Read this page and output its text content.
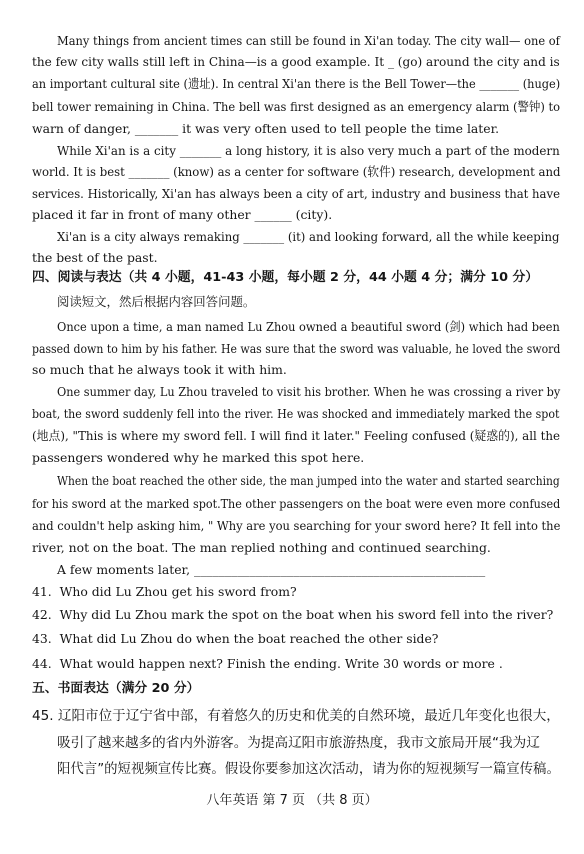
Many things from ancient times can still be found in Xi'an today. The city wall— one of
the few city walls still left in China—is a good example. It _ (go) around the city and is
an important cultural site (遗址). In central Xi'an there is the Bell Tower—the _______ (huge)
bell tower remaining in China. The bell was first designed as an emergency alarm (警钟) to
warn of danger, _______ it was very often used to tell people the time later.
While Xi'an is a city _______ a long history, it is also very much a part of the modern
world. It is best _______ (know) as a center for software (软件) research, development and
services. Historically, Xi'an has always been a city of art, industry and business that have
placed it far in front of many other ______ (city).
Xi'an is a city always remaking _______ (it) and looking forward, all the while keeping
the best of the past.
四、阅读与表达（共 4 小题，41-43 小题，每小题 2 分，44 小题 4 分；满分 10 分）
阅读短文，然后根据内容回答问题。
Once upon a time, a man named Lu Zhou owned a beautiful sword (剑) which had been
passed down to him by his father. He was sure that the sword was valuable, he loved the sword
so much that he always took it with him.
One summer day, Lu Zhou traveled to visit his brother. When he was crossing a river by
boat, the sword suddenly fell into the river. He was shocked and immediately marked the spot
(地点), "This is where my sword fell. I will find it later." Feeling confused (疑惑的), all the
passengers wondered why he marked this spot here.
When the boat reached the other side, the man jumped into the water and started searching
for his sword at the marked spot.The other passengers on the boat were even more confused
and couldn't help asking him, " Why are you searching for your sword here? It fell into the
river, not on the boat. The man replied nothing and continued searching.
A few moments later, _______________________________________________
41. Who did Lu Zhou get his sword from?
42. Why did Lu Zhou mark the spot on the boat when his sword fell into the river?
43. What did Lu Zhou do when the boat reached the other side?
44. What would happen next? Finish the ending. Write 30 words or more .
五、书面表达（满分 20 分）
45. 辽阳市位于辽宁省中部，有着悠久的历史和优美的自然环境，最近几年变化也很大，
吸引了越来越多的省内外游客。为提高辽阳市旅游热度，我市文旅局开展“我为辽
阳代言”的短视频宣传比赛。假设你要参加这次活动，请为你的短视频写一篇宣传稿。
八年英语 第 7 页 （共 8 页）
